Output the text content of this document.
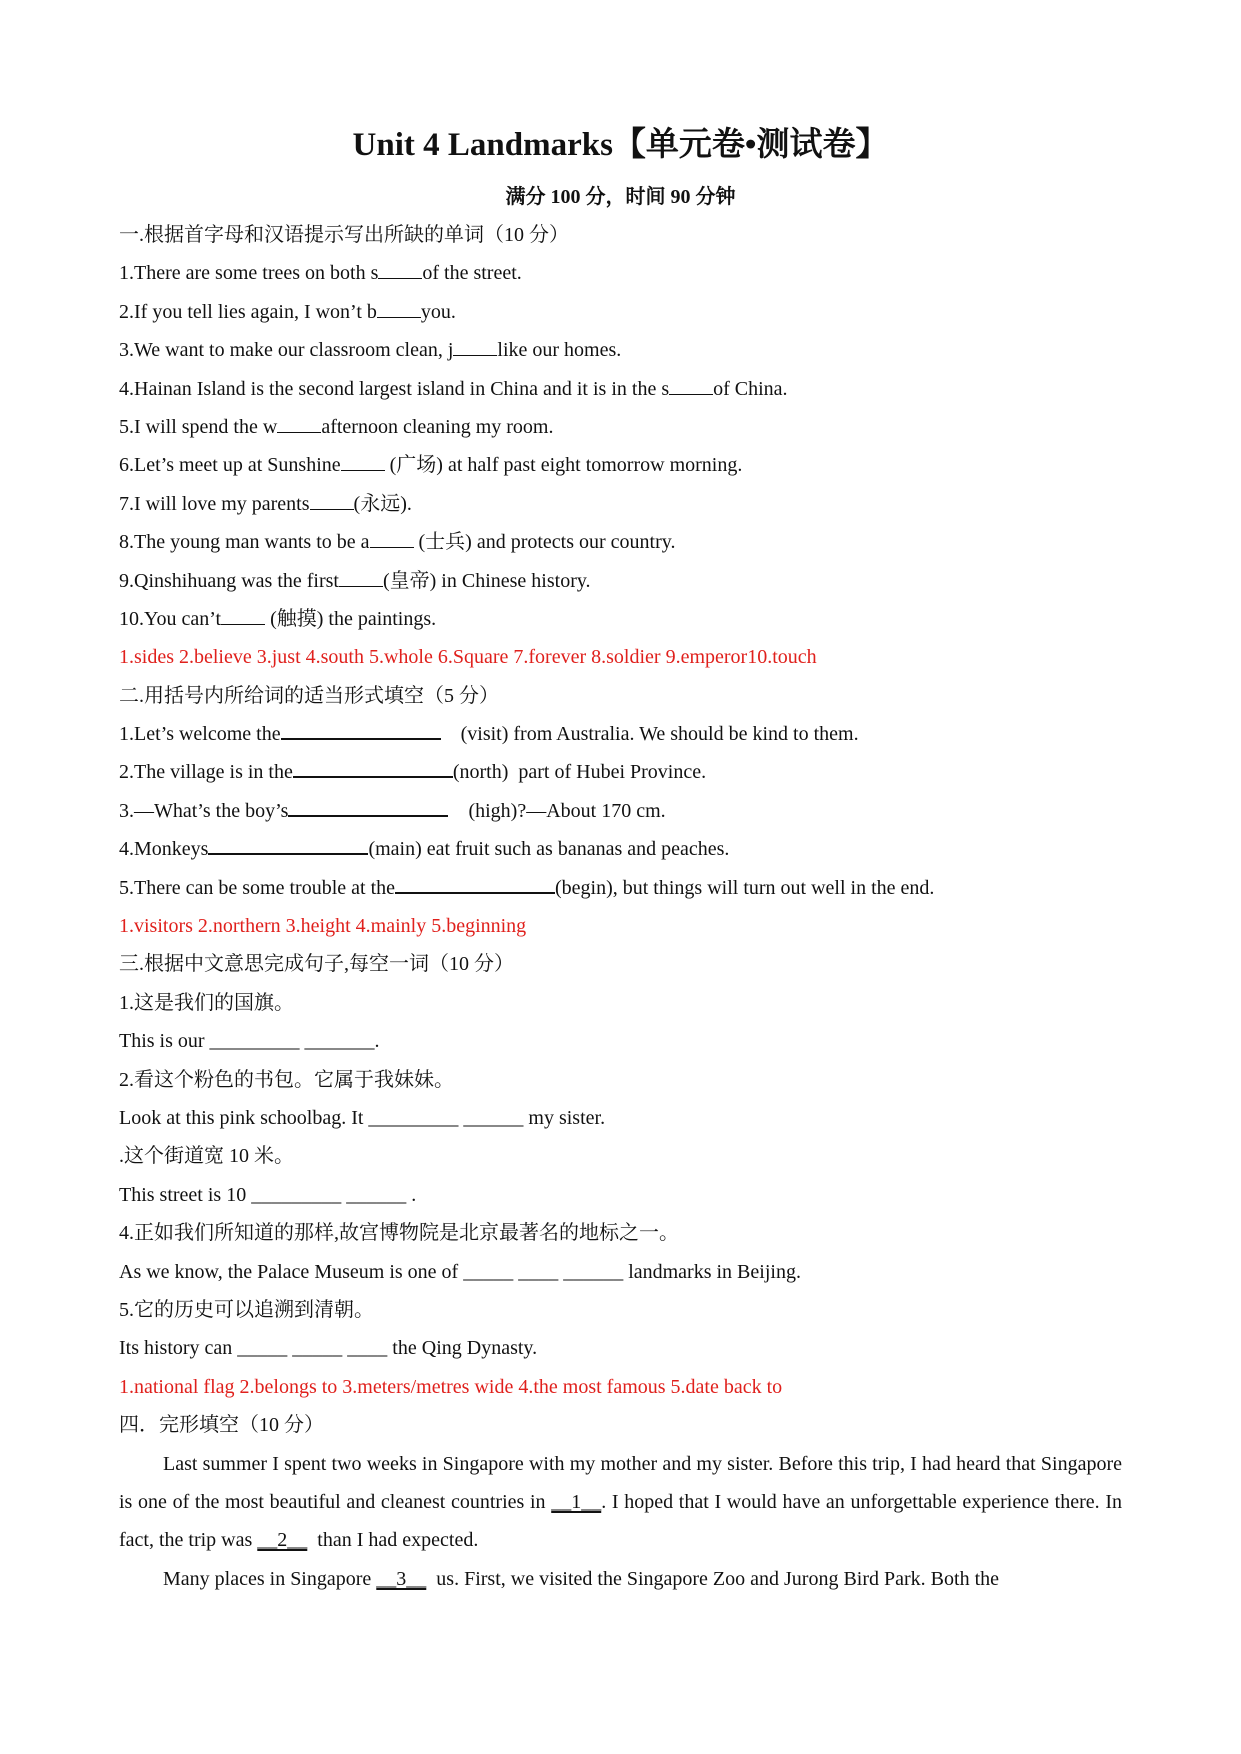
Unit 4 Landmarks【单元卷•测试卷】
满分 100 分，时间 90 分钟
一.根据首字母和汉语提示写出所缺的单词（10 分）
1.There are some trees on both s of the street.
2.If you tell lies again, I won’t b you.
3.We want to make our classroom clean, j like our homes.
4.Hainan Island is the second largest island in China and it is in the s of China.
5.I will spend the w afternoon cleaning my room.
6.Let’s meet up at Sunshine (广场) at half past eight tomorrow morning.
7.I will love my parents (永远).
8.The young man wants to be a (士兵) and protects our country.
9.Qinshihuang was the first (皇帝) in Chinese history.
10.You can’t (触摸) the paintings.
1.sides 2.believe 3.just 4.south 5.whole 6.Square 7.forever 8.soldier 9.emperor10.touch
二.用括号内所给词的适当形式填空（5 分）
1.Let’s welcome the	(visit) from Australia. We should be kind to them.
2.The village is in the	(north)  part of Hubei Province.
3.—What’s the boy’s	(high)?—About 170 cm.
4.Monkeys	(main) eat fruit such as bananas and peaches.
5.There can be some trouble at the	(begin), but things will turn out well in the end.
1.visitors 2.northern 3.height 4.mainly 5.beginning
三.根据中文意思完成句子,每空一词（10 分）
1.这是我们的国旗。
This is our _________ _______.
2.看这个粉色的书包。它属于我妹妹。
Look at this pink schoolbag. It _________ ______ my sister.
.这个街道宽 10 米。
This street is 10 _________ ______ .
4.正如我们所知道的那样,故宫博物院是北京最著名的地标之一。
As we know, the Palace Museum is one of _____ ____ ______ landmarks in Beijing.
5.它的历史可以追溯到清朝。
Its history can _____ _____ ____ the Qing Dynasty.
1.national flag 2.belongs to 3.meters/metres wide 4.the most famous 5.date back to
四．完形填空（10 分）
Last summer I spent two weeks in Singapore with my mother and my sister. Before this trip, I had heard that Singapore is one of the most beautiful and cleanest countries in __1__. I hoped that I would have an unforgettable experience there. In fact, the trip was __2__  than I had expected.
Many places in Singapore __3__  us. First, we visited the Singapore Zoo and Jurong Bird Park. Both the
